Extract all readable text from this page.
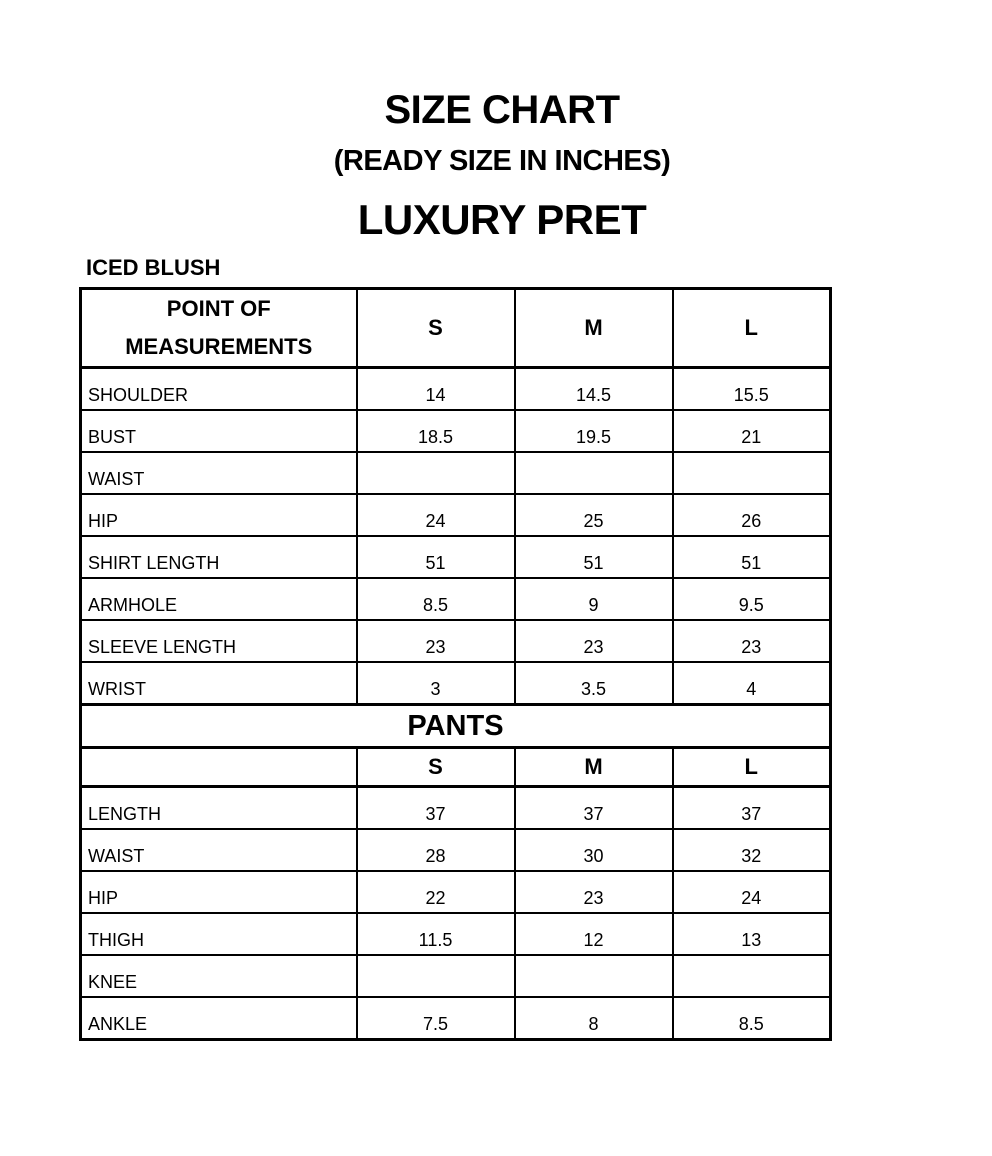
SIZE CHART
(READY SIZE IN INCHES)
LUXURY PRET
ICED BLUSH
POINT OF MEASUREMENTS	S	M	L
SHOULDER	14	14.5	15.5
BUST	18.5	19.5	21
WAIST			
HIP	24	25	26
SHIRT LENGTH	51	51	51
ARMHOLE	8.5	9	9.5
SLEEVE LENGTH	23	23	23
WRIST	3	3.5	4
PANTS			
	S	M	L
LENGTH	37	37	37
WAIST	28	30	32
HIP	22	23	24
THIGH	11.5	12	13
KNEE			
ANKLE	7.5	8	8.5
